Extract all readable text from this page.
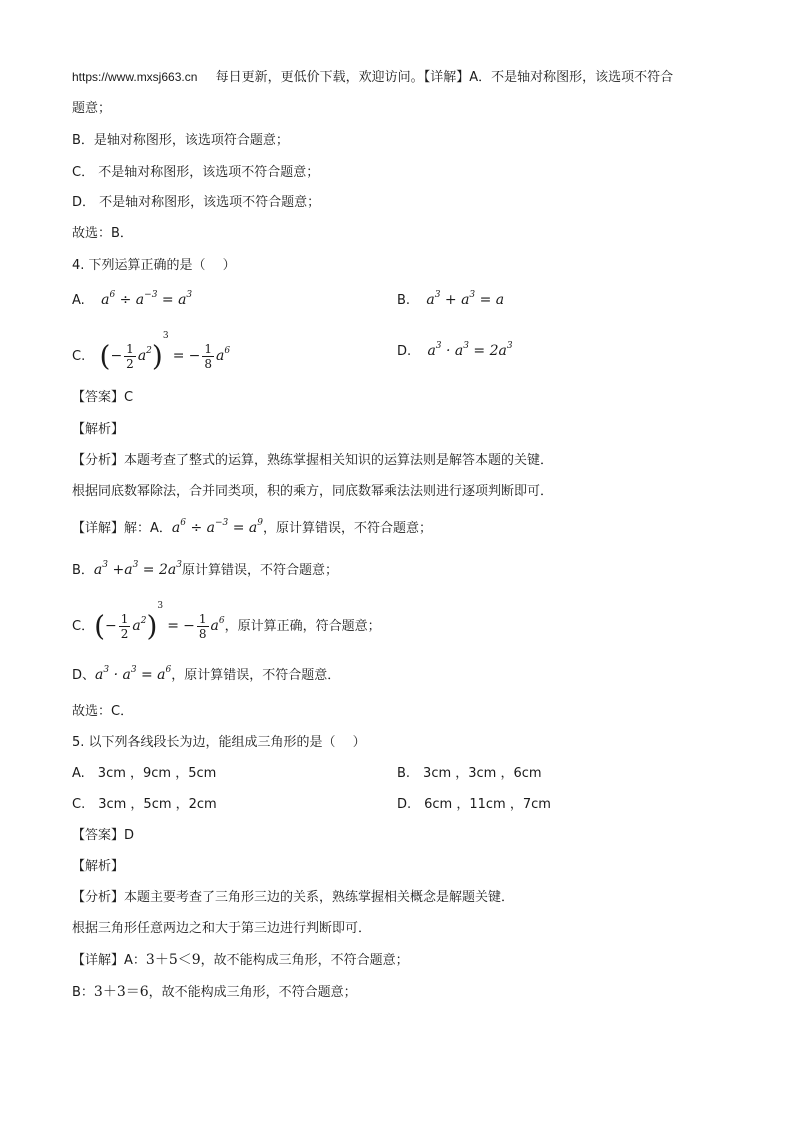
https://www.mxsj663.cn 每日更新，更低价下载，欢迎访问。【详解】A．不是轴对称图形，该选项不符合
题意；
B．是轴对称图形，该选项符合题意；
C． 不是轴对称图形，该选项不符合题意；
D． 不是轴对称图形，该选项不符合题意；
故选：B．
4. 下列运算正确的是（　 ）
A. $a^6 \div a^{-3} = a^3$	B. $a^3 + a^3 = a$
C. (− $\frac{1}{2} a^2)^3$ = − $\frac{1}{8} a^6$	D. $a^3 \cdot a^3 = 2a^3$
【答案】C
【解析】
【分析】本题考查了整式的运算，熟练掌握相关知识的运算法则是解答本题的关键．
根据同底数幂除法，合并同类项，积的乘方，同底数幂乘法法则进行逐项判断即可．
【详解】解：A．$a^6 \div a^{-3} = a^9$，原计算错误，不符合题意；
B．$a^3 +a^3 = 2a^3$原计算错误，不符合题意；
C．(− $\frac{1}{2} a^2)^3$ = − $\frac{1}{8} a^6$，原计算正确，符合题意；
D、$a^3 \cdot a^3 = a^6$，原计算错误，不符合题意．
故选：C．
5. 以下列各线段长为边，能组成三角形的是（　 ）
A.　3cm ，9cm ，5cm	B.　3cm ，3cm ，6cm
C.　3cm ，5cm ，2cm	D.　6cm ，11cm ，7cm
【答案】D
【解析】
【分析】本题主要考查了三角形三边的关系，熟练掌握相关概念是解题关键．
根据三角形任意两边之和大于第三边进行判断即可．
【详解】A：3＋5＜9，故不能构成三角形，不符合题意；
B：3＋3＝6，故不能构成三角形，不符合题意；
